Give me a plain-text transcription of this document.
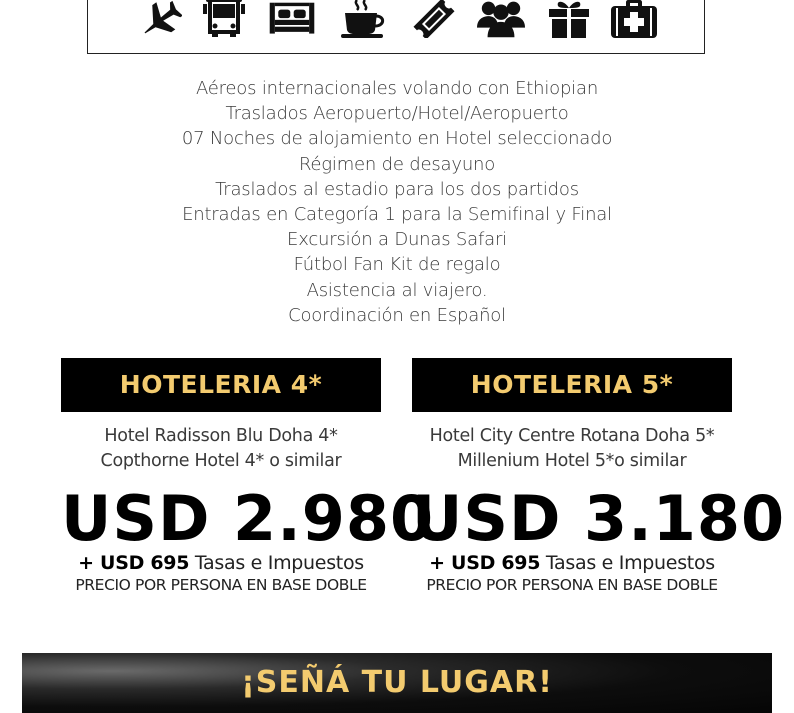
Aéreos internacionales volando con Ethiopian
Traslados Aeropuerto/Hotel/Aeropuerto
07 Noches de alojamiento en Hotel seleccionado
Régimen de desayuno
Traslados al estadio para los dos partidos
Entradas en Categoría 1 para la Semifinal y Final
Excursión a Dunas Safari
Fútbol Fan Kit de regalo
Asistencia al viajero.
Coordinación en Español
HOTELERIA 4*
Hotel Radisson Blu Doha 4*
Copthorne Hotel 4* o similar
USD 2.980
+ USD 695 Tasas e Impuestos
PRECIO POR PERSONA EN BASE DOBLE
HOTELERIA 5*
Hotel City Centre Rotana Doha 5*
Millenium Hotel 5*o similar
USD 3.180
+ USD 695 Tasas e Impuestos
PRECIO POR PERSONA EN BASE DOBLE
¡SEÑÁ TU LUGAR!
